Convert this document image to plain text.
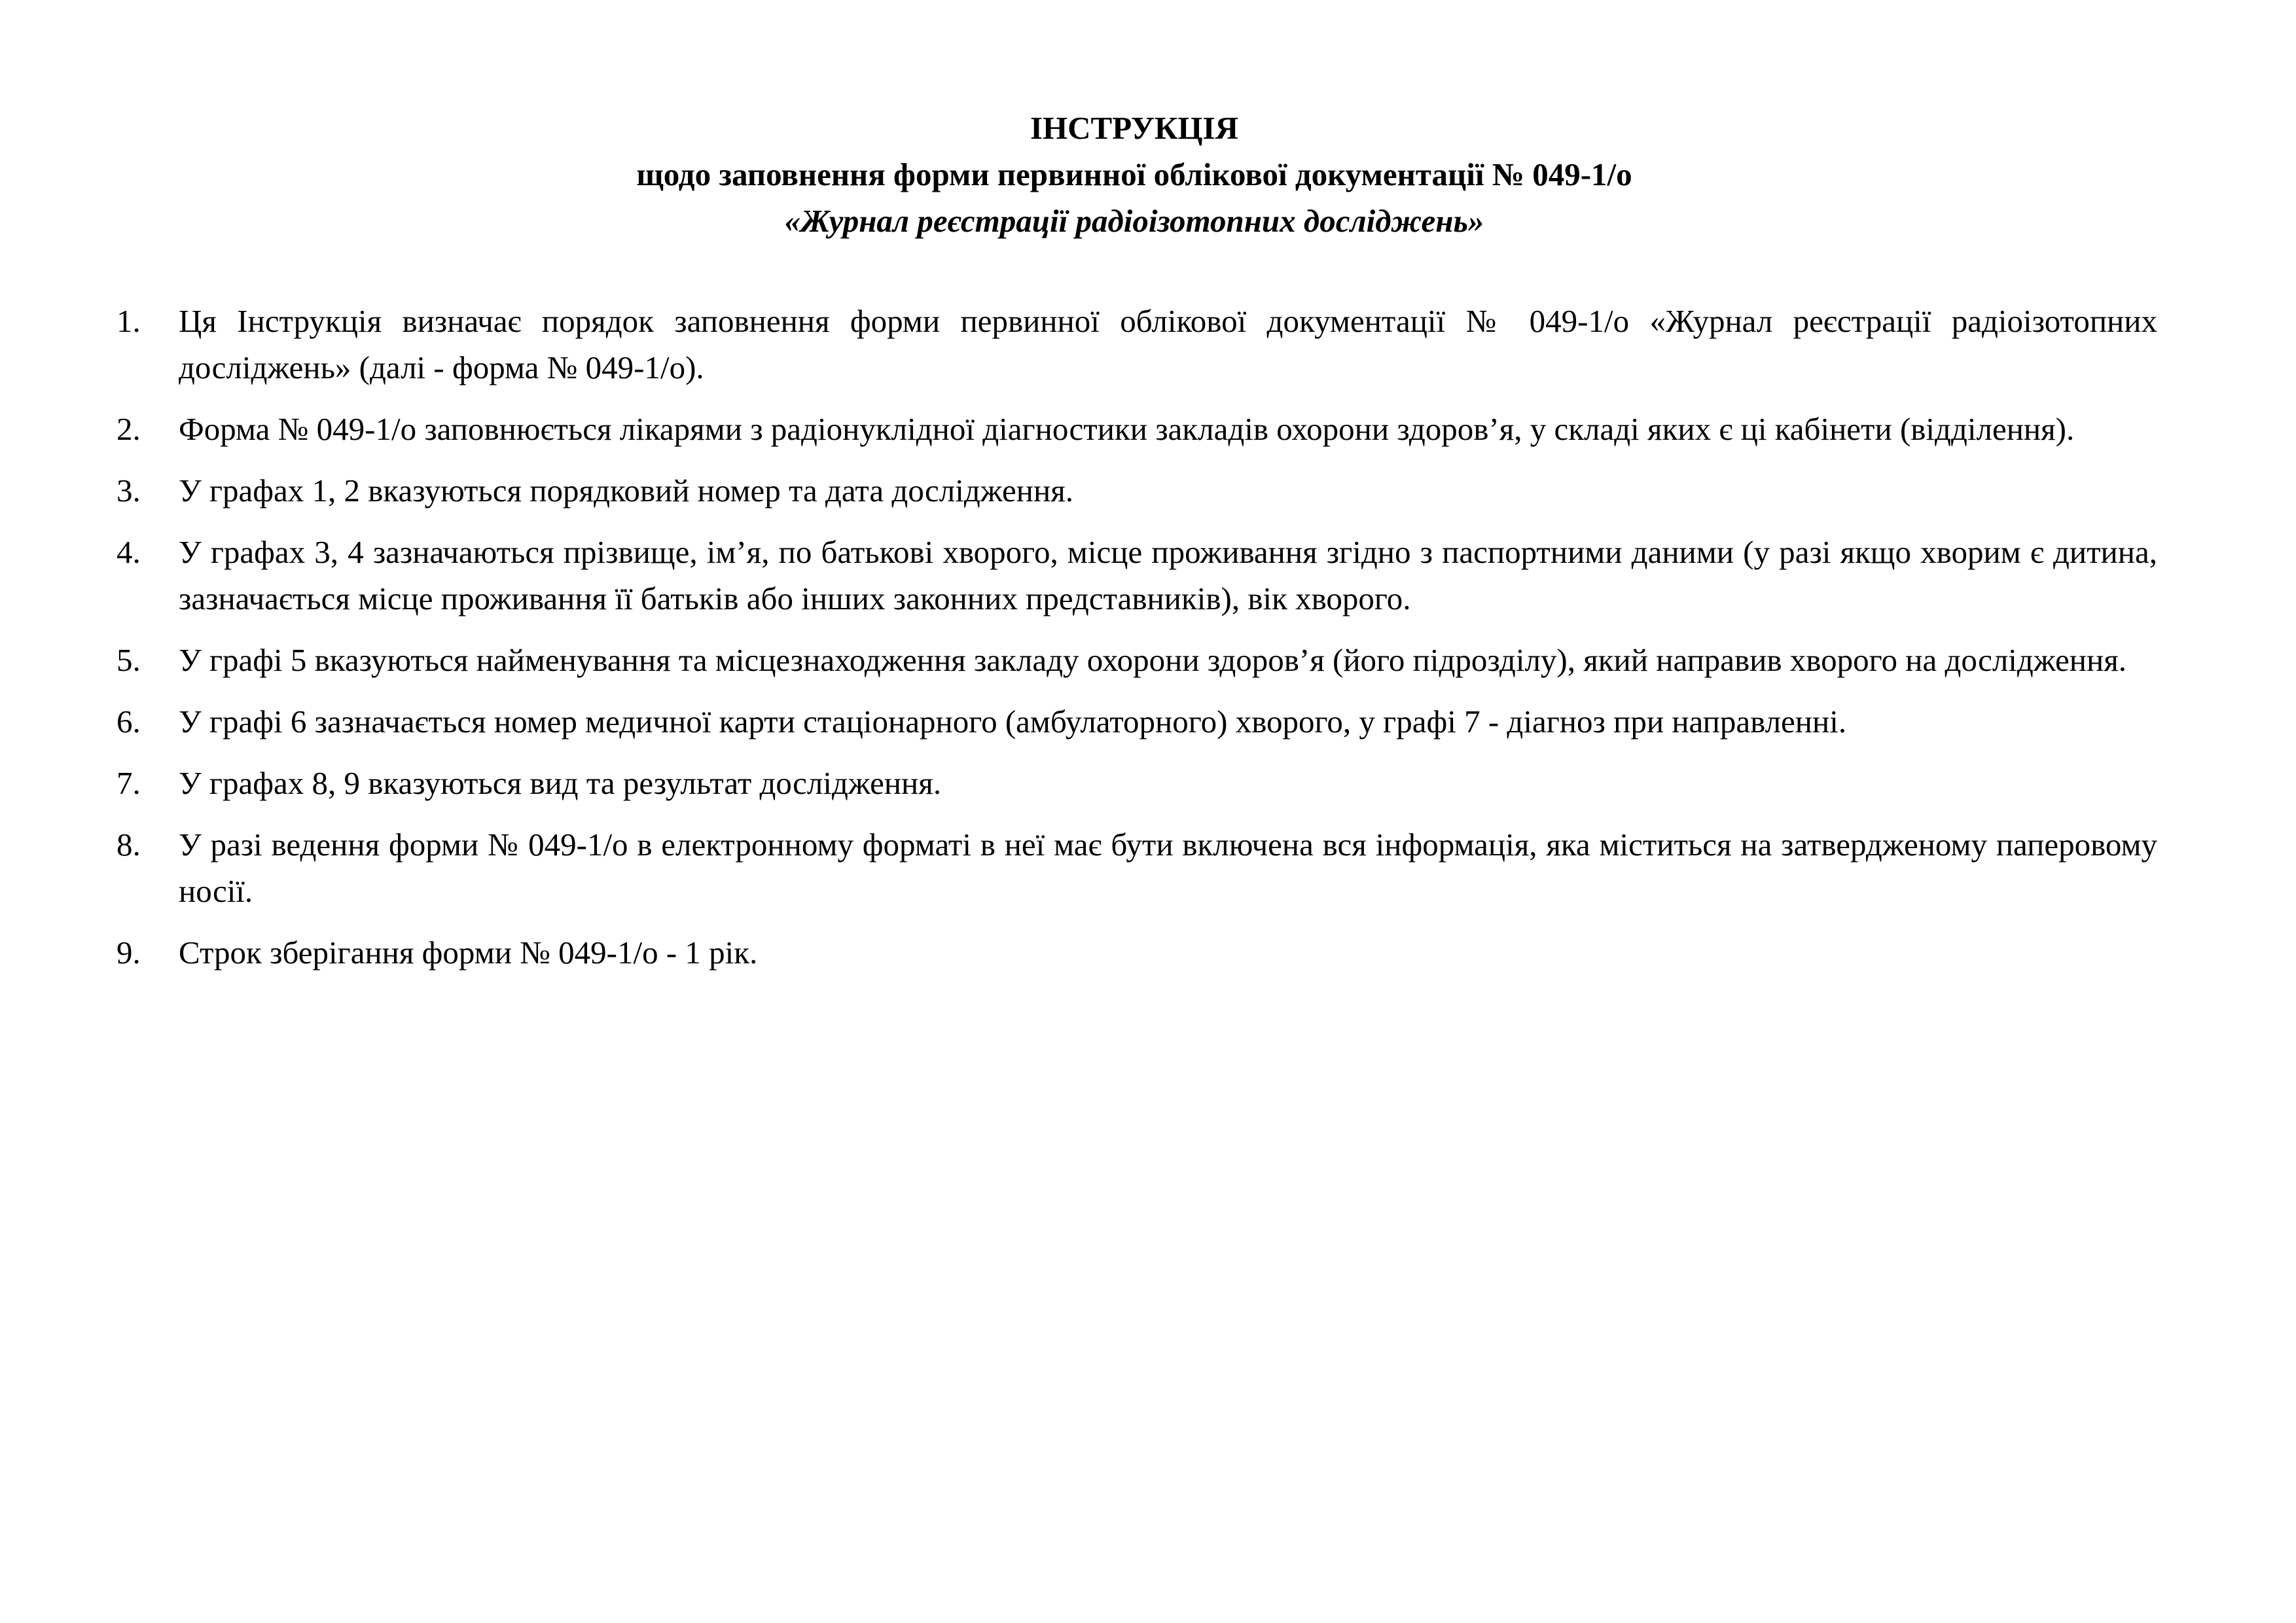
ІНСТРУКЦІЯ
щодо заповнення форми первинної облікової документації № 049-1/о
«Журнал реєстрації радіоізотопних досліджень»
1.	Ця Інструкція визначає порядок заповнення форми первинної облікової документації № 049-1/о «Журнал реєстрації радіоізотопних досліджень» (далі - форма № 049-1/о).
2.	Форма № 049-1/о заповнюється лікарями з радіонуклідної діагностики закладів охорони здоров’я, у складі яких є ці кабінети (відділення).
3.	У графах 1, 2 вказуються порядковий номер та дата дослідження.
4.	У графах 3, 4 зазначаються прізвище, ім’я, по батькові хворого, місце проживання згідно з паспортними даними (у разі якщо хворим є дитина, зазначається місце проживання її батьків або інших законних представників), вік хворого.
5.	У графі 5 вказуються найменування та місцезнаходження закладу охорони здоров’я (його підрозділу), який направив хворого на дослідження.
6.	У графі 6 зазначається номер медичної карти стаціонарного (амбулаторного) хворого, у графі 7 - діагноз при направленні.
7.	У графах 8, 9 вказуються вид та результат дослідження.
8.	У разі ведення форми № 049-1/о в електронному форматі в неї має бути включена вся інформація, яка міститься на затвердженому паперовому носії.
9.	Строк зберігання форми № 049-1/о - 1 рік.
